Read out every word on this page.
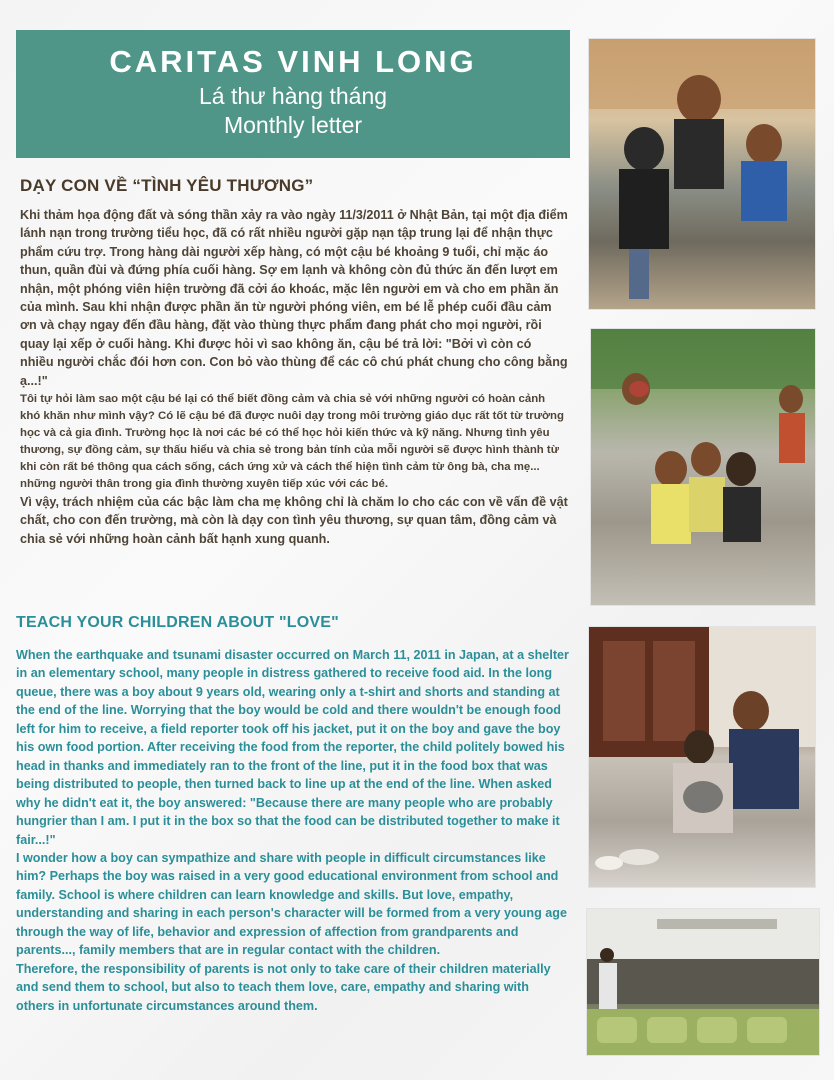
CARITAS VINH LONG
Lá thư hàng tháng
Monthly letter
DẠY CON VỀ “TÌNH YÊU THƯƠNG”

Khi thảm họa động đất và sóng thần xảy ra vào ngày 11/3/2011 ở Nhật Bản, tại một địa điểm lánh nạn trong trường tiểu học, đã có rất nhiều người gặp nạn tập trung lại để nhận thực phẩm cứu trợ. Trong hàng dài người xếp hàng, có một cậu bé khoảng 9 tuổi, chỉ mặc áo thun, quần đùi và đứng phía cuối hàng. Sợ em lạnh và không còn đủ thức ăn đến lượt em nhận, một phóng viên hiện trường đã cởi áo khoác, mặc lên người em và cho em phần ăn của mình. Sau khi nhận được phần ăn từ người phóng viên, em bé lễ phép cuối đầu cảm ơn và chạy ngay đến đầu hàng, đặt vào thùng thực phẩm đang phát cho mọi người, rồi quay lại xếp ở cuối hàng. Khi được hỏi vì sao không ăn, cậu bé trả lời: "Bởi vì còn có nhiều người chắc đói hơn con. Con bỏ vào thùng để các cô chú phát chung cho công bằng ạ...!"

Tôi tự hỏi làm sao một cậu bé lại có thể biết đồng cảm và chia sẻ với những người có hoàn cảnh khó khăn như mình vậy? Có lẽ cậu bé đã được nuôi dạy trong môi trường giáo dục rất tốt từ trường học và cả gia đình. Trường học là nơi các bé có thể học hỏi kiến thức và kỹ năng. Nhưng tình yêu thương, sự đồng cảm, sự thấu hiểu và chia sẻ trong bản tính của mỗi người sẽ được hình thành từ khi còn rất bé thông qua cách sống, cách ứng xử và cách thể hiện tình cảm từ ông bà, cha mẹ... những người thân trong gia đình thường xuyên tiếp xúc với các bé.

Vì vậy, trách nhiệm của các bậc làm cha mẹ không chỉ là chăm lo cho các con về vấn đề vật chất, cho con đến trường, mà còn là dạy con tình yêu thương, sự quan tâm, đồng cảm và chia sẻ với những hoàn cảnh bất hạnh xung quanh.

TEACH YOUR CHILDREN ABOUT "LOVE"

When the earthquake and tsunami disaster occurred on March 11, 2011 in Japan, at a shelter in an elementary school, many people in distress gathered to receive food aid. In the long queue, there was a boy about 9 years old, wearing only a t-shirt and shorts and standing at the end of the line. Worrying that the boy would be cold and there wouldn't be enough food left for him to receive, a field reporter took off his jacket, put it on the boy and gave the boy his own food portion. After receiving the food from the reporter, the child politely bowed his head in thanks and immediately ran to the front of the line, put it in the food box that was being distributed to people, then turned back to line up at the end of the line. When asked why he didn't eat it, the boy answered: "Because there are many people who are probably hungrier than I am. I put it in the box so that the food can be distributed together to make it fair...!"

I wonder how a boy can sympathize and share with people in difficult circumstances like him? Perhaps the boy was raised in a very good educational environment from school and family. School is where children can learn knowledge and skills. But love, empathy, understanding and sharing in each person's character will be formed from a very young age through the way of life, behavior and expression of affection from grandparents and parents..., family members that are in regular contact with the children.

Therefore, the responsibility of parents is not only to take care of their children materially and send them to school, but also to teach them love, care, empathy and sharing with others in unfortunate circumstances around them.
